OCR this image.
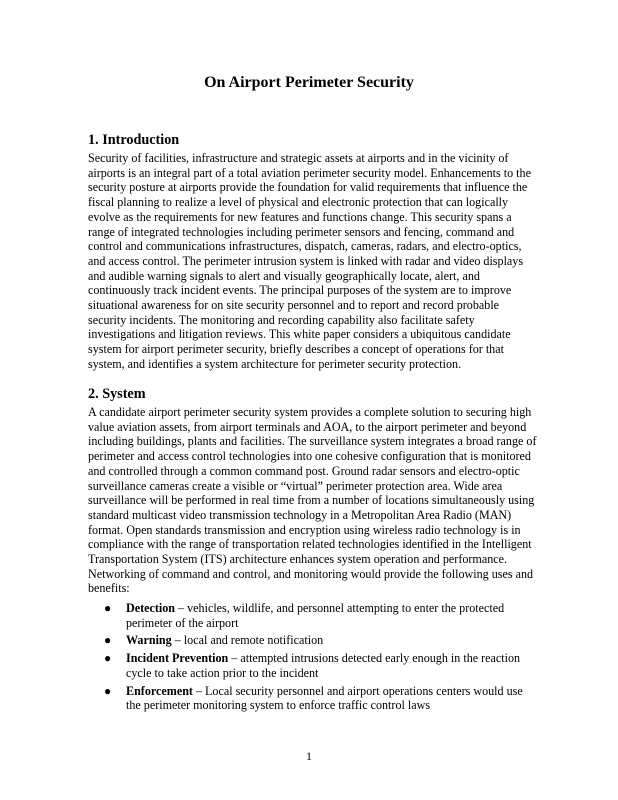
On Airport Perimeter Security
1. Introduction
Security of facilities, infrastructure and strategic assets at airports and in the vicinity of airports is an integral part of a total aviation perimeter security model. Enhancements to the security posture at airports provide the foundation for valid requirements that influence the fiscal planning to realize a level of physical and electronic protection that can logically evolve as the requirements for new features and functions change. This security spans a range of integrated technologies including perimeter sensors and fencing, command and control and communications infrastructures, dispatch, cameras, radars, and electro-optics, and access control. The perimeter intrusion system is linked with radar and video displays and audible warning signals to alert and visually geographically locate, alert, and continuously track incident events. The principal purposes of the system are to improve situational awareness for on site security personnel and to report and record probable security incidents. The monitoring and recording capability also facilitate safety investigations and litigation reviews. This white paper considers a ubiquitous candidate system for airport perimeter security, briefly describes a concept of operations for that system, and identifies a system architecture for perimeter security protection.
2. System
A candidate airport perimeter security system provides a complete solution to securing high value aviation assets, from airport terminals and AOA, to the airport perimeter and beyond including buildings, plants and facilities. The surveillance system integrates a broad range of perimeter and access control technologies into one cohesive configuration that is monitored and controlled through a common command post. Ground radar sensors and electro-optic surveillance cameras create a visible or “virtual” perimeter protection area. Wide area surveillance will be performed in real time from a number of locations simultaneously using standard multicast video transmission technology in a Metropolitan Area Radio (MAN) format. Open standards transmission and encryption using wireless radio technology is in compliance with the range of transportation related technologies identified in the Intelligent Transportation System (ITS) architecture enhances system operation and performance. Networking of command and control, and monitoring would provide the following uses and benefits:
● Detection – vehicles, wildlife, and personnel attempting to enter the protected perimeter of the airport
● Warning – local and remote notification
● Incident Prevention – attempted intrusions detected early enough in the reaction cycle to take action prior to the incident
● Enforcement – Local security personnel and airport operations centers would use the perimeter monitoring system to enforce traffic control laws
1
